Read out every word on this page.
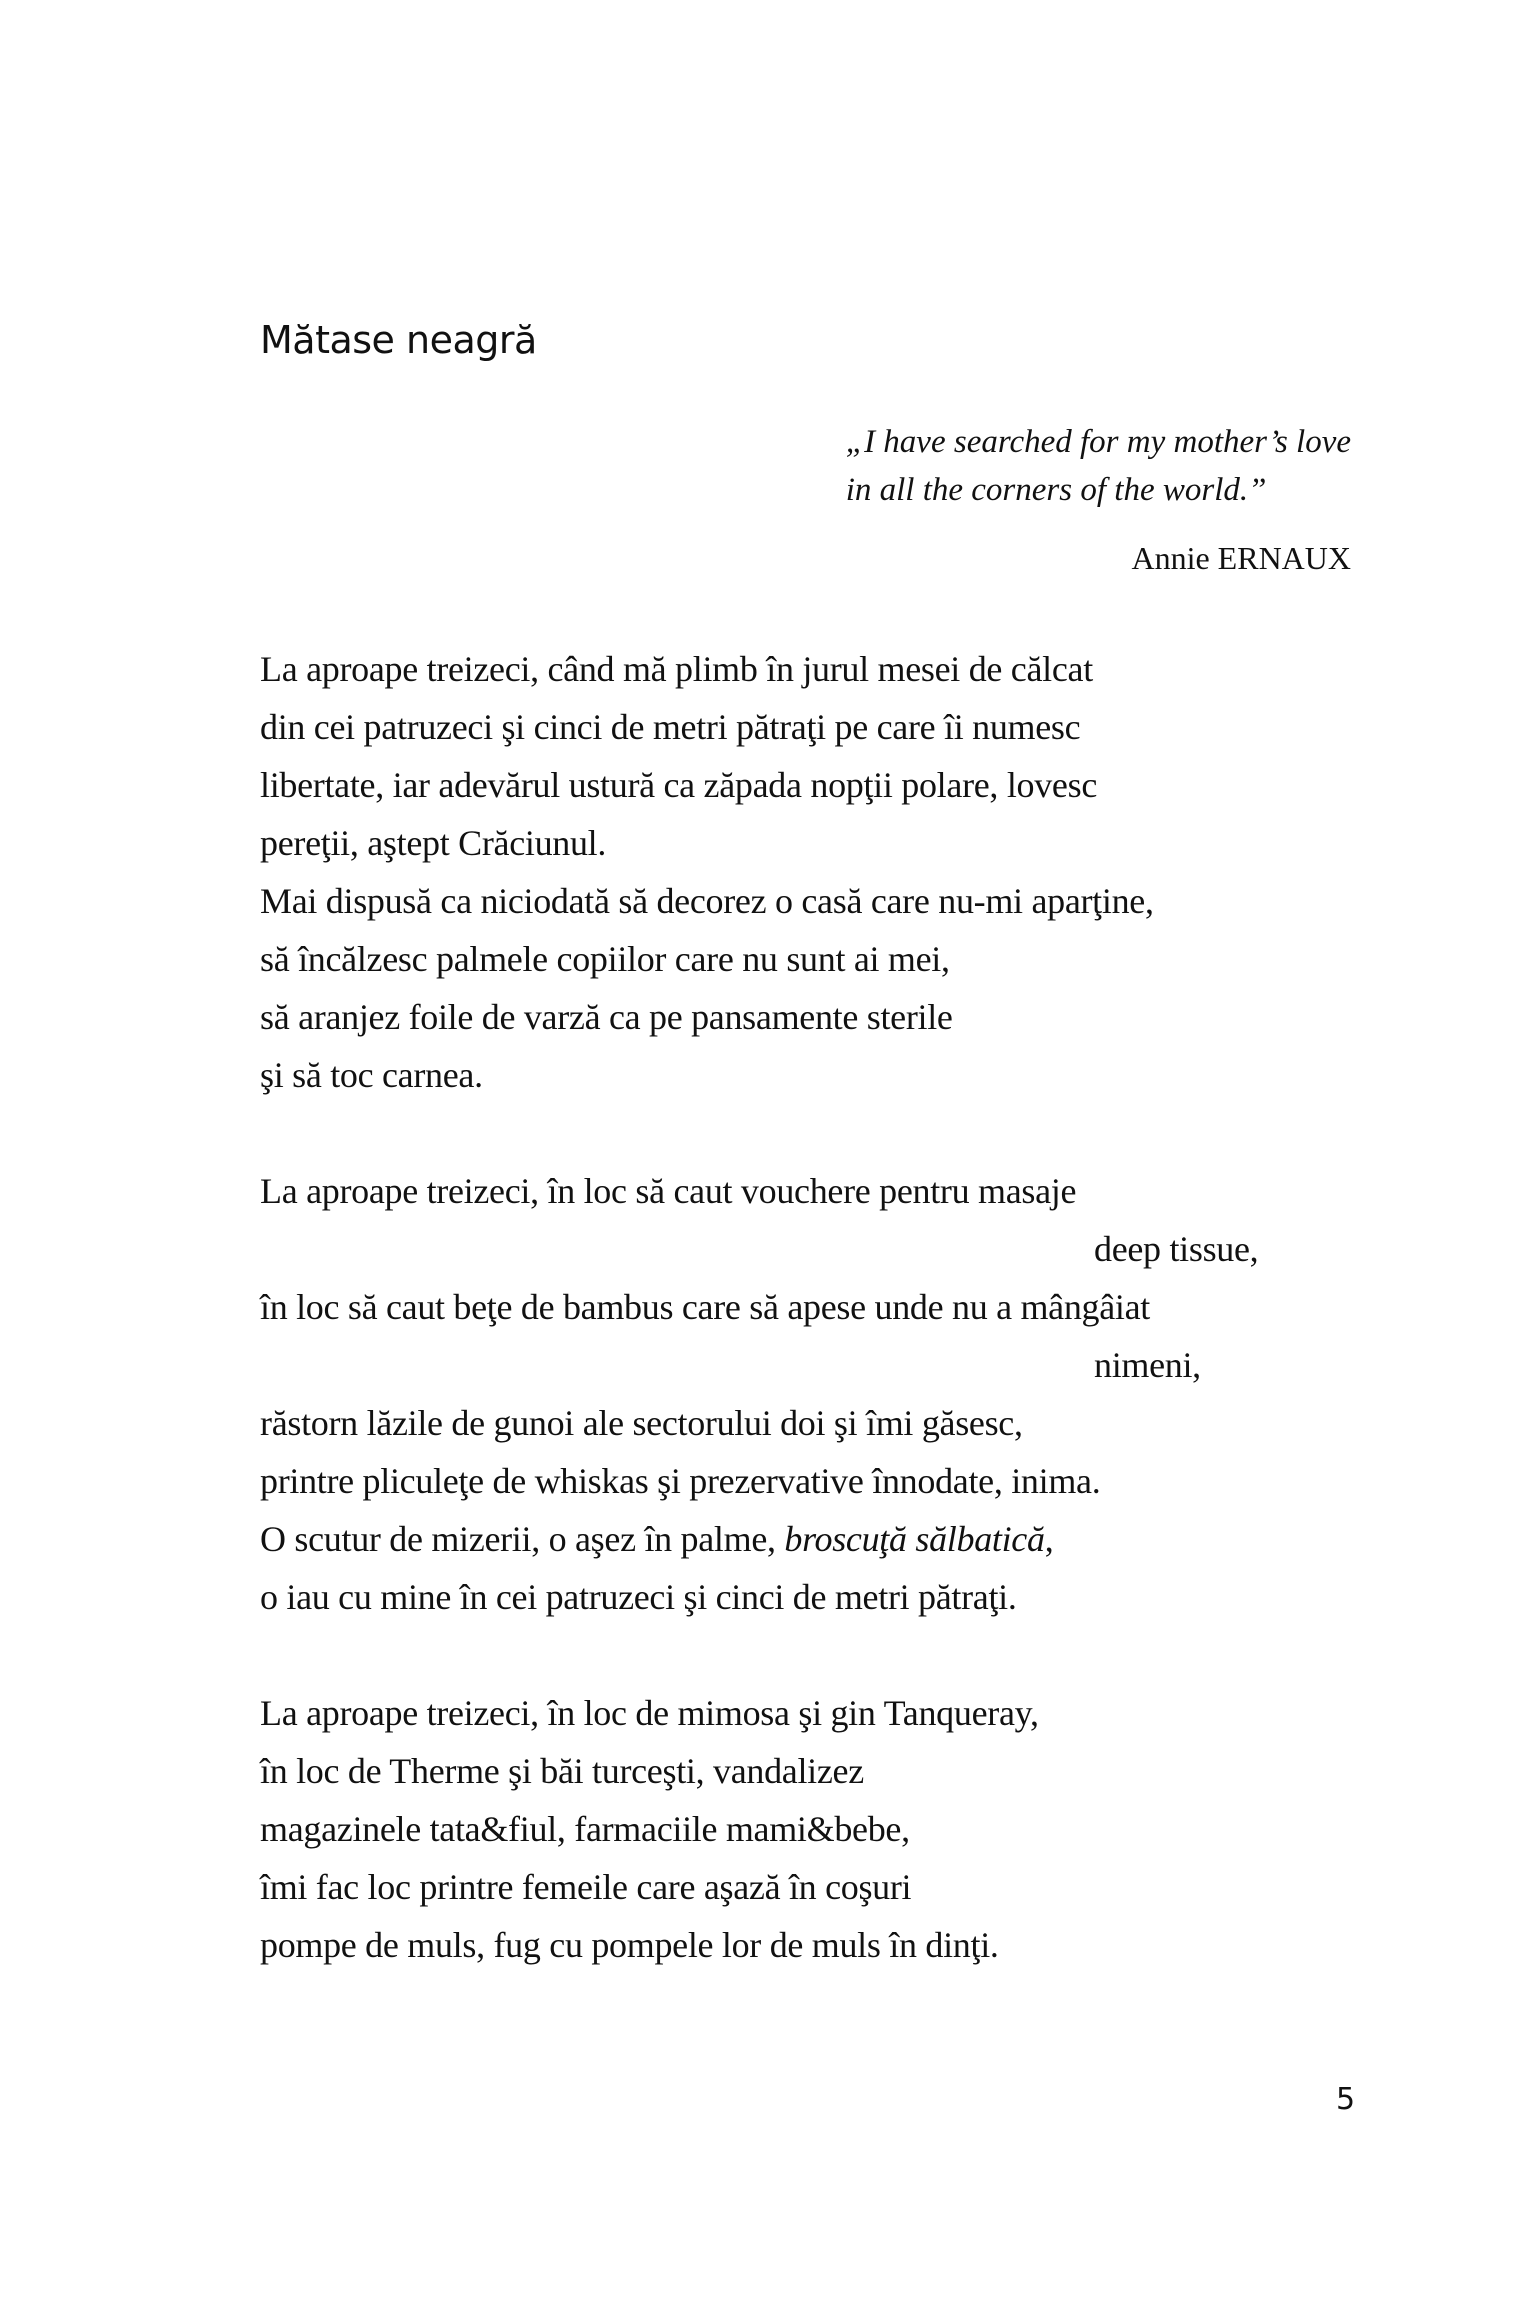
Mătase neagră
„I have searched for my mother’s love
in all the corners of the world.”
Annie ERNAUX
La aproape treizeci, când mă plimb în jurul mesei de călcat
din cei patruzeci şi cinci de metri pătraţi pe care îi numesc
libertate, iar adevărul ustură ca zăpada nopţii polare, lovesc
pereţii, aştept Crăciunul.
Mai dispusă ca niciodată să decorez o casă care nu-mi aparţine,
să încălzesc palmele copiilor care nu sunt ai mei,
să aranjez foile de varză ca pe pansamente sterile
şi să toc carnea.
La aproape treizeci, în loc să caut vouchere pentru masaje
deep tissue,
în loc să caut beţe de bambus care să apese unde nu a mângâiat
nimeni,
răstorn lăzile de gunoi ale sectorului doi şi îmi găsesc,
printre pliculeţe de whiskas şi prezervative înnodate, inima.
O scutur de mizerii, o aşez în palme, broscuţă sălbatică,
o iau cu mine în cei patruzeci şi cinci de metri pătraţi.
La aproape treizeci, în loc de mimosa şi gin Tanqueray,
în loc de Therme şi băi turceşti, vandalizez
magazinele tata&fiul, farmaciile mami&bebe,
îmi fac loc printre femeile care aşază în coşuri
pompe de muls, fug cu pompele lor de muls în dinţi.
5
